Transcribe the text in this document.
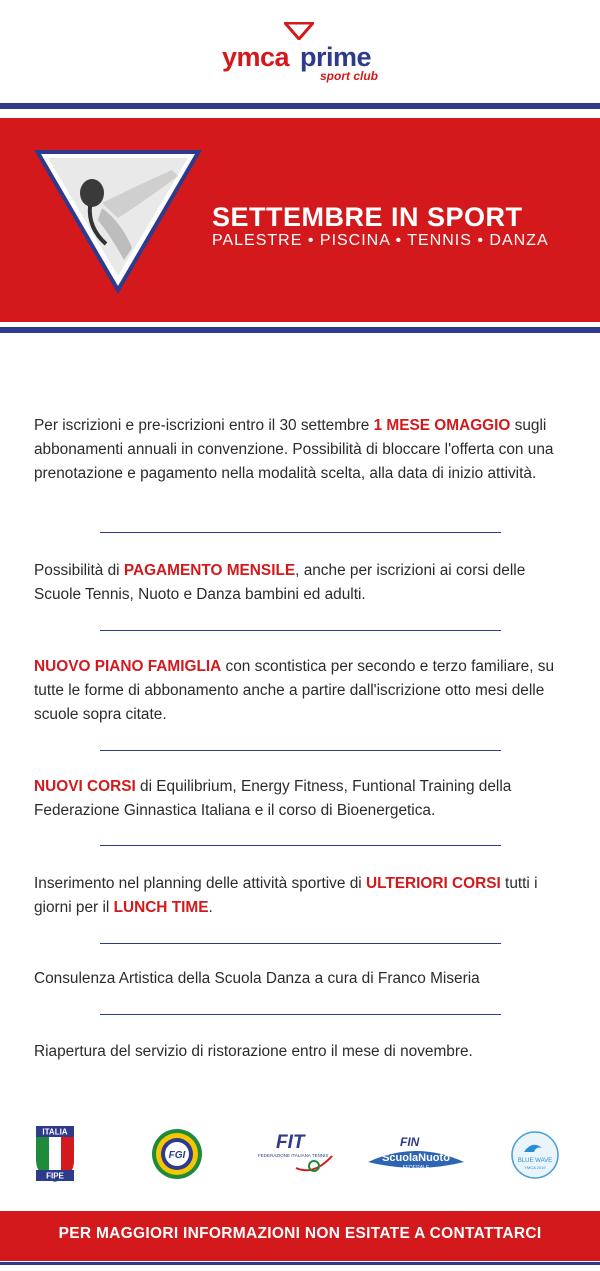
ymca prime
sport club
SETTEMBRE IN SPORT
PALESTRE • PISCINA • TENNIS • DANZA
Per iscrizioni e pre-iscrizioni entro il 30 settembre 1 MESE OMAGGIO sugli abbonamenti annuali in convenzione. Possibilità di bloccare l'offerta con una prenotazione e pagamento nella modalità scelta, alla data di inizio attività.
Possibilità di PAGAMENTO MENSILE, anche per iscrizioni ai corsi delle Scuole Tennis, Nuoto e Danza bambini ed adulti.
NUOVO PIANO FAMIGLIA con scontistica per secondo e terzo familiare, su tutte le forme di abbonamento anche a partire dall'iscrizione otto mesi delle scuole sopra citate.
NUOVI CORSI di Equilibrium, Energy Fitness, Funtional Training della Federazione Ginnastica Italiana e il corso di Bioenergetica.
Inserimento nel planning delle attività sportive di ULTERIORI CORSI tutti i giorni per il LUNCH TIME.
Consulenza Artistica della Scuola Danza a cura di Franco Miseria
Riapertura del servizio di ristorazione entro il mese di novembre.
ITALIA
FIPE
FGI
FIT
FEDERAZIONE ITALIANA TENNIS
FIN
ScuolaNuoto
FEDERALE
BLUE WAVE
YMCA 2019
PER MAGGIORI INFORMAZIONI NON ESITATE A CONTATTARCI
